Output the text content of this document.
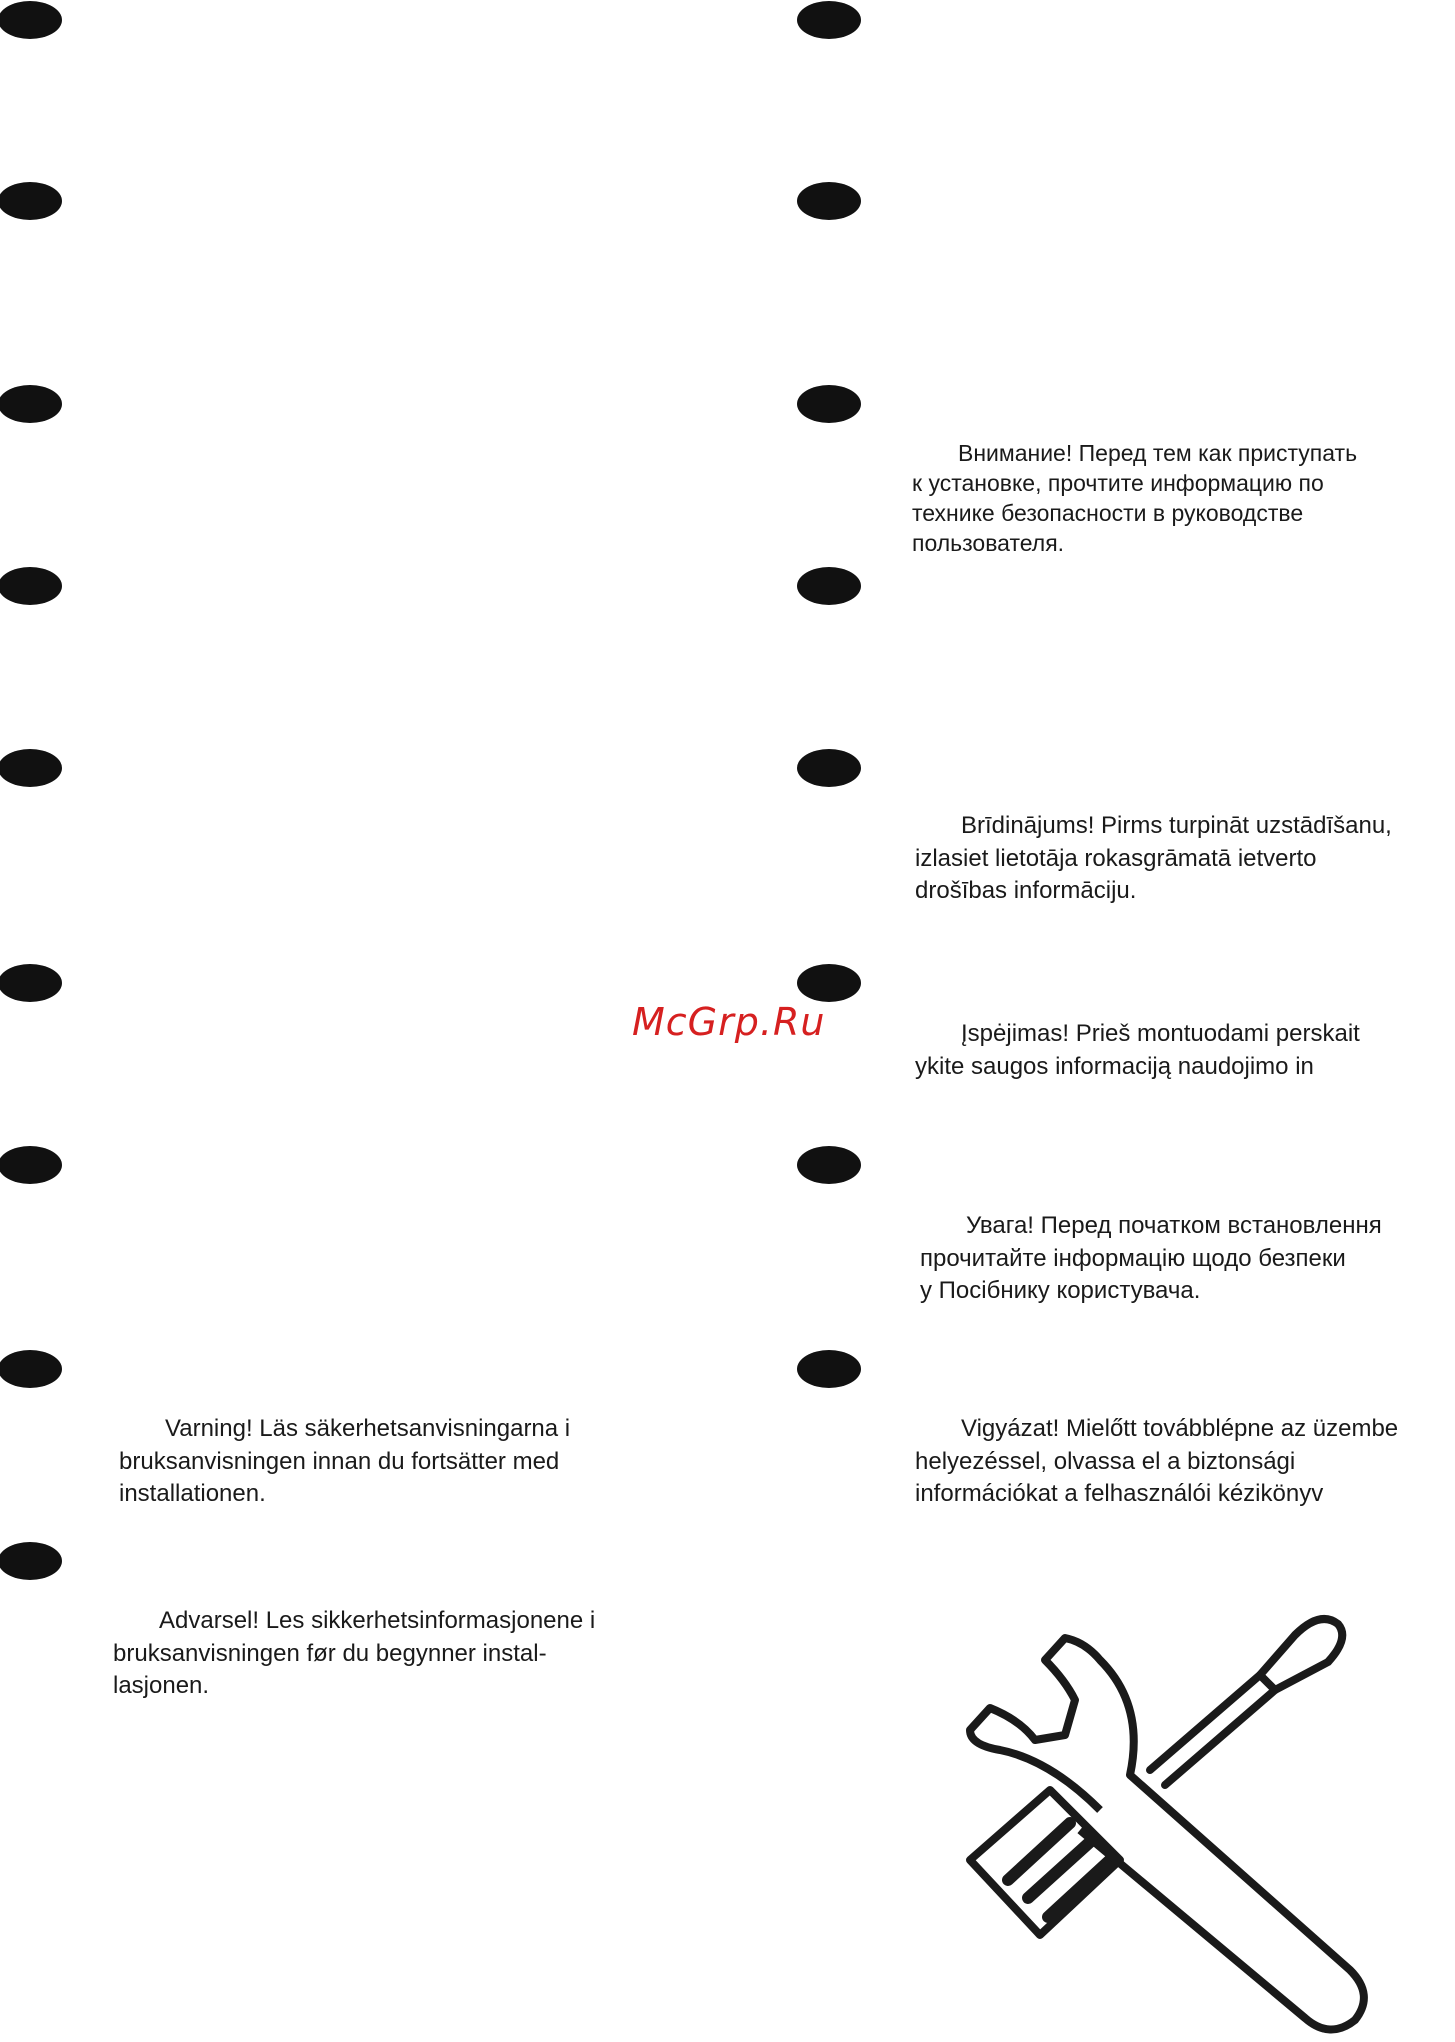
Внимание! Перед тем как приступать
к установке, прочтите информацию по
технике безопасности в руководстве
пользователя.
Brīdinājums! Pirms turpināt uzstādīšanu,
izlasiet lietotāja rokasgrāmatā ietverto
drošības informāciju.
McGrp.Ru	Įspėjimas! Prieš montuodami perskait
ykite saugos informaciją naudojimo in
Увага! Перед початком встановлення
прочитайте інформацію щодо безпеки
у Посібнику користувача.
Vigyázat! Mielőtt továbblépne az üzembe
helyezéssel, olvassa el a biztonsági
információkat a felhasználói kézikönyv
Varning! Läs säkerhetsanvisningarna i
bruksanvisningen innan du fortsätter med
installationen.
Advarsel! Les sikkerhetsinformasjonene i
bruksanvisningen før du begynner instal-
lasjonen.
